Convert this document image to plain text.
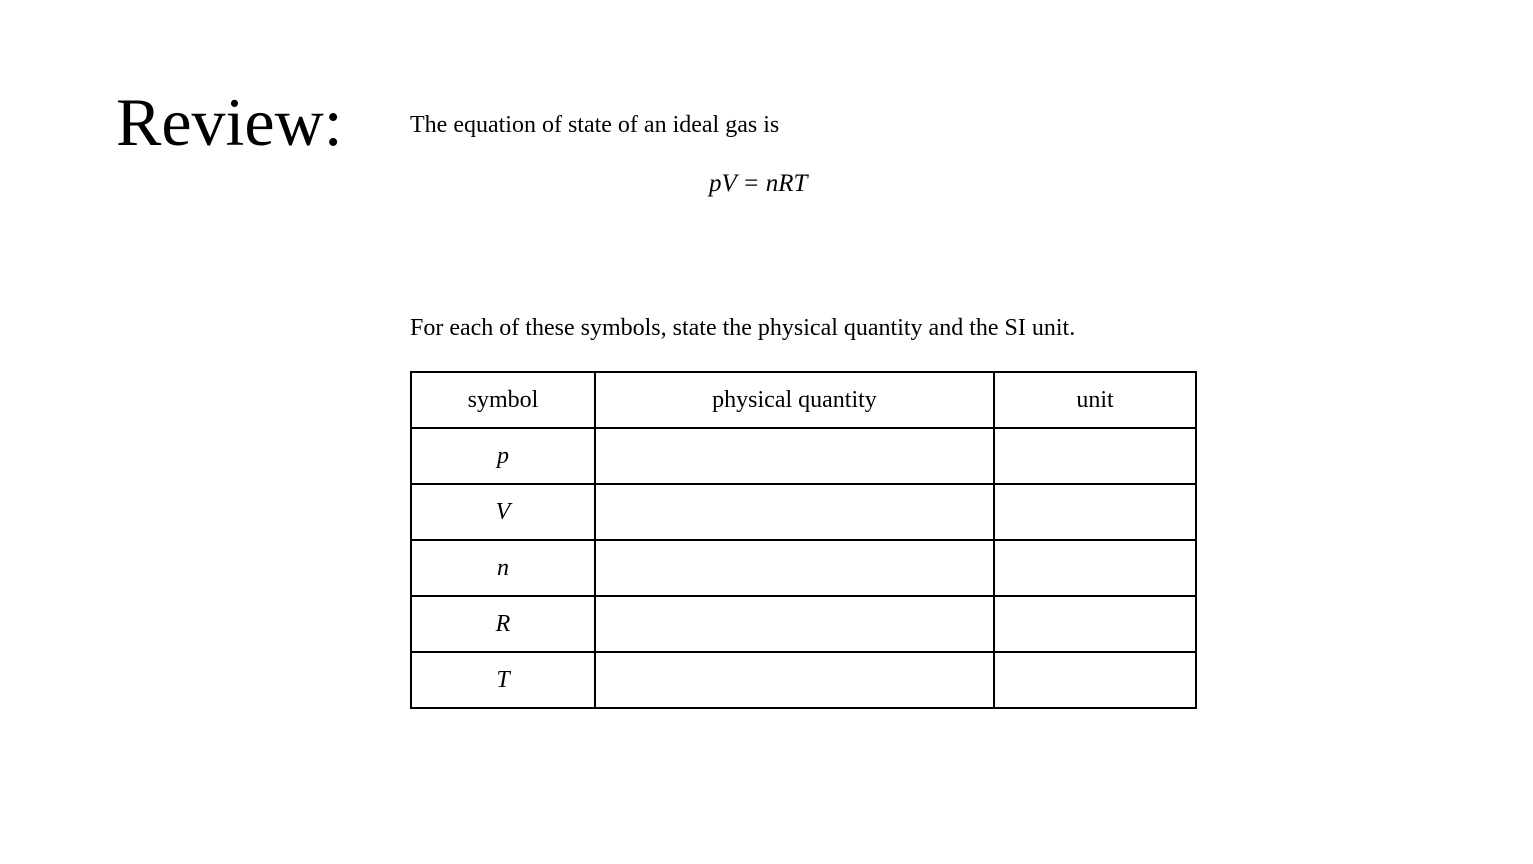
Review:	The equation of state of an ideal gas is
pV = nRT
For each of these symbols, state the physical quantity and the SI unit.
symbol	physical quantity	unit
p		
V		
n		
R		
T		
